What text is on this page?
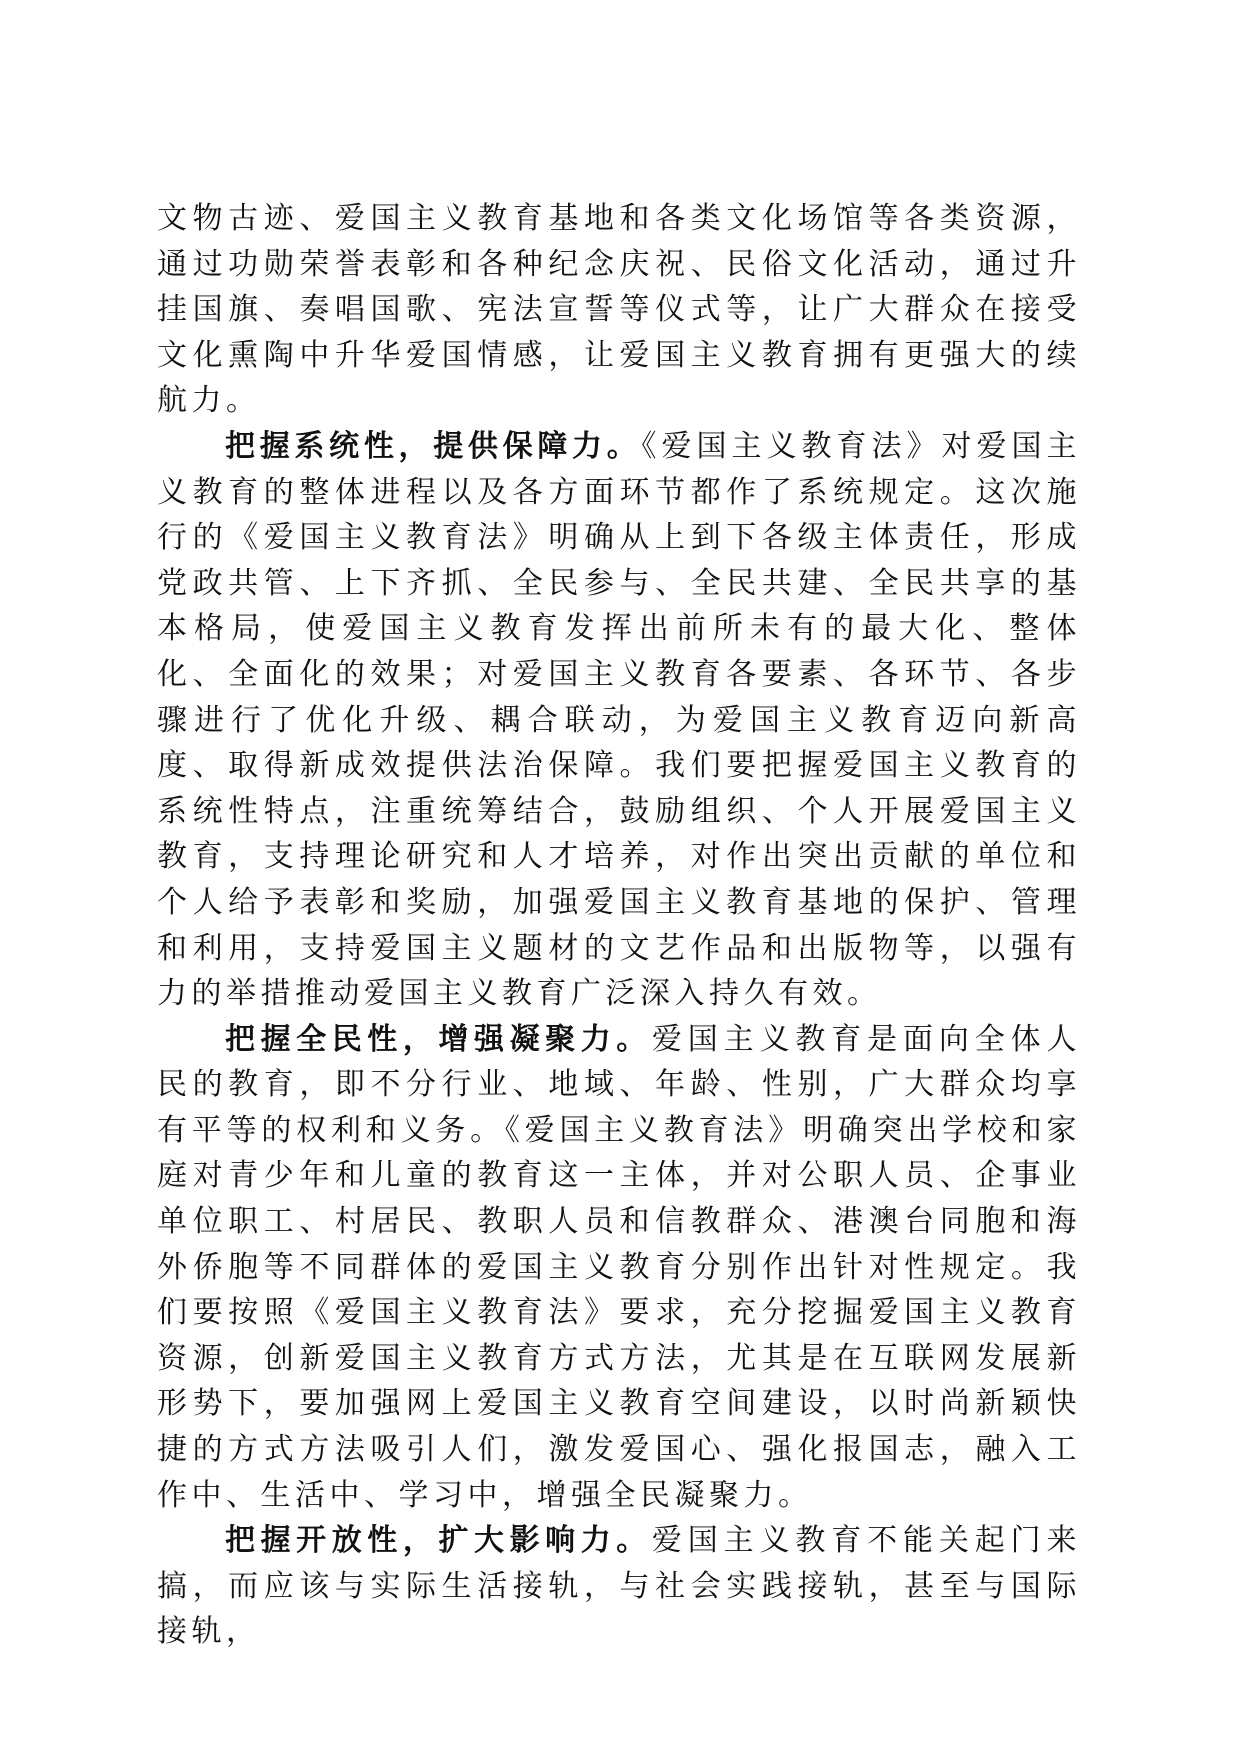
文物古迹、爱国主义教育基地和各类文化场馆等各类资源，通过功勋荣誉表彰和各种纪念庆祝、民俗文化活动，通过升挂国旗、奏唱国歌、宪法宣誓等仪式等，让广大群众在接受文化熏陶中升华爱国情感，让爱国主义教育拥有更强大的续航力。

把握系统性，提供保障力。《爱国主义教育法》对爱国主义教育的整体进程以及各方面环节都作了系统规定。这次施行的《爱国主义教育法》明确从上到下各级主体责任，形成党政共管、上下齐抓、全民参与、全民共建、全民共享的基本格局，使爱国主义教育发挥出前所未有的最大化、整体化、全面化的效果；对爱国主义教育各要素、各环节、各步骤进行了优化升级、耦合联动，为爱国主义教育迈向新高度、取得新成效提供法治保障。我们要把握爱国主义教育的系统性特点，注重统筹结合，鼓励组织、个人开展爱国主义教育，支持理论研究和人才培养，对作出突出贡献的单位和个人给予表彰和奖励，加强爱国主义教育基地的保护、管理和利用，支持爱国主义题材的文艺作品和出版物等，以强有力的举措推动爱国主义教育广泛深入持久有效。

把握全民性，增强凝聚力。爱国主义教育是面向全体人民的教育，即不分行业、地域、年龄、性别，广大群众均享有平等的权利和义务。《爱国主义教育法》明确突出学校和家庭对青少年和儿童的教育这一主体，并对公职人员、企事业单位职工、村居民、教职人员和信教群众、港澳台同胞和海外侨胞等不同群体的爱国主义教育分别作出针对性规定。我们要按照《爱国主义教育法》要求，充分挖掘爱国主义教育资源，创新爱国主义教育方式方法，尤其是在互联网发展新形势下，要加强网上爱国主义教育空间建设，以时尚新颖快捷的方式方法吸引人们，激发爱国心、强化报国志，融入工作中、生活中、学习中，增强全民凝聚力。

把握开放性，扩大影响力。爱国主义教育不能关起门来搞，而应该与实际生活接轨，与社会实践接轨，甚至与国际接轨，
